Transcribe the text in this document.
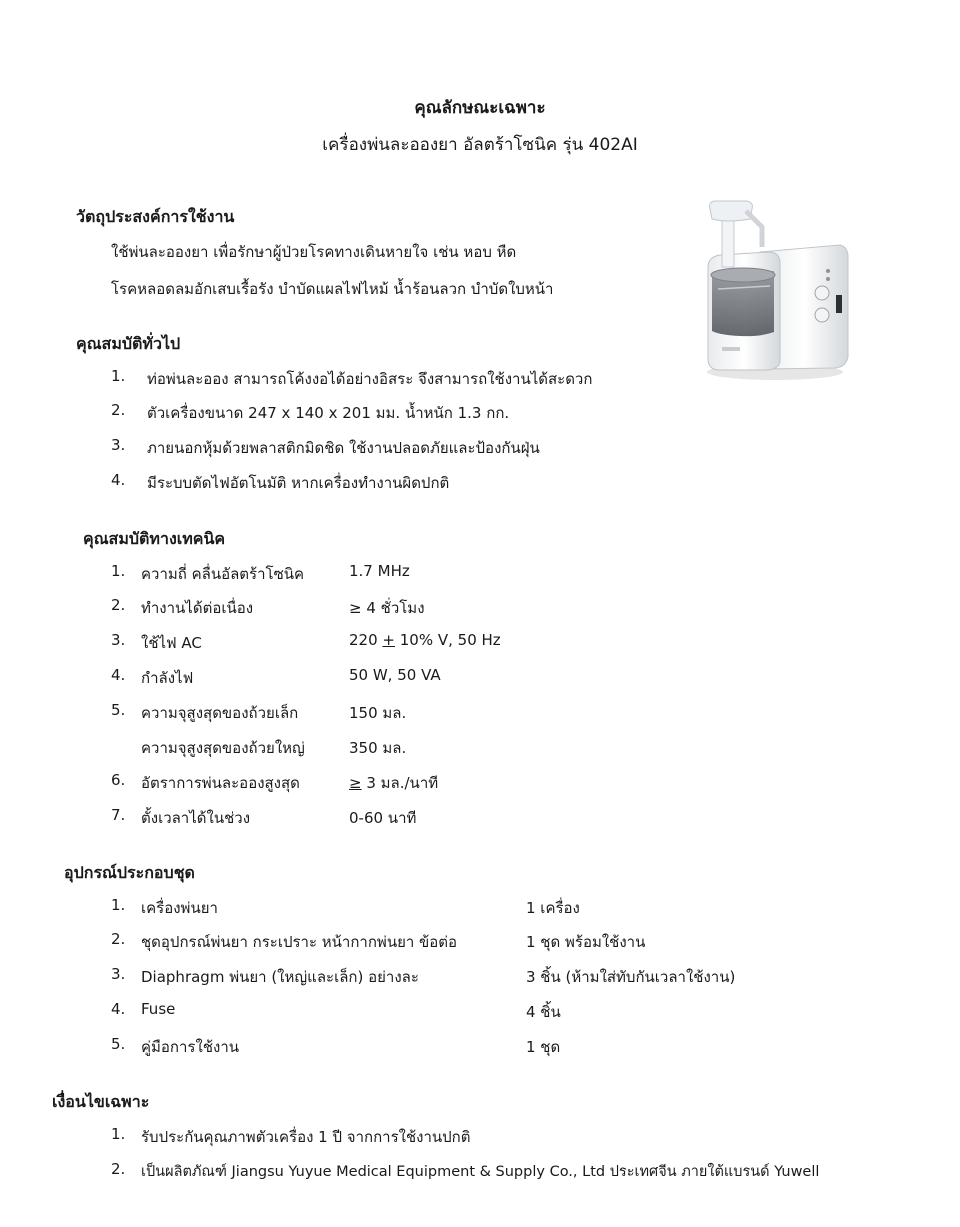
คุณลักษณะเฉพาะ
เครื่องพ่นละอองยา อัลตร้าโซนิค รุ่น 402AI
วัตถุประสงค์การใช้งาน
ใช้พ่นละอองยา เพื่อรักษาผู้ป่วยโรคทางเดินหายใจ เช่น หอบ หืด
โรคหลอดลมอักเสบเรื้อรัง บำบัดแผลไฟไหม้ น้ำร้อนลวก บำบัดใบหน้า
คุณสมบัติทั่วไป
1. ท่อพ่นละออง สามารถโค้งงอได้อย่างอิสระ จึงสามารถใช้งานได้สะดวก
2. ตัวเครื่องขนาด 247 x 140 x 201 มม. น้ำหนัก 1.3 กก.
3. ภายนอกหุ้มด้วยพลาสติกมิดชิด ใช้งานปลอดภัยและป้องกันฝุ่น
4. มีระบบตัดไฟอัตโนมัติ หากเครื่องทำงานผิดปกติ
คุณสมบัติทางเทคนิค
1. ความถี่ คลื่นอัลตร้าโซนิค	1.7 MHz
2. ทำงานได้ต่อเนื่อง	≥ 4 ชั่วโมง
3. ใช้ไฟ AC	220 + 10% V, 50 Hz
4. กำลังไฟ	50 W, 50 VA
5. ความจุสูงสุดของถ้วยเล็ก	150 มล.
ความจุสูงสุดของถ้วยใหญ่	350 มล.
6. อัตราการพ่นละอองสูงสุด	≥ 3 มล./นาที
7. ตั้งเวลาได้ในช่วง	0-60 นาที
อุปกรณ์ประกอบชุด
1. เครื่องพ่นยา	1 เครื่อง
2. ชุดอุปกรณ์พ่นยา กระเปราะ หน้ากากพ่นยา ข้อต่อ	1 ชุด พร้อมใช้งาน
3. Diaphragm พ่นยา (ใหญ่และเล็ก) อย่างละ	3 ชิ้น (ห้ามใส่ทับกันเวลาใช้งาน)
4. Fuse	4 ชิ้น
5. คู่มือการใช้งาน	1 ชุด
เงื่อนไขเฉพาะ
1. รับประกันคุณภาพตัวเครื่อง 1 ปี จากการใช้งานปกติ
2. เป็นผลิตภัณฑ์ Jiangsu Yuyue Medical Equipment & Supply Co., Ltd ประเทศจีน ภายใต้แบรนด์ Yuwell
